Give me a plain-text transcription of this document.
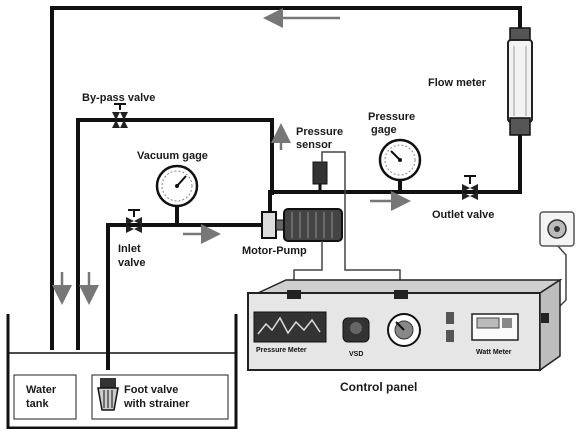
Flow meter
By-pass valve
Pressure
sensor
Pressure
gage
Outlet valve
Vacuum gage
Inlet
valve
Motor-Pump
Pressure Meter
VSD	Watt Meter
Control panel
Water
tank
Foot valve
with strainer
